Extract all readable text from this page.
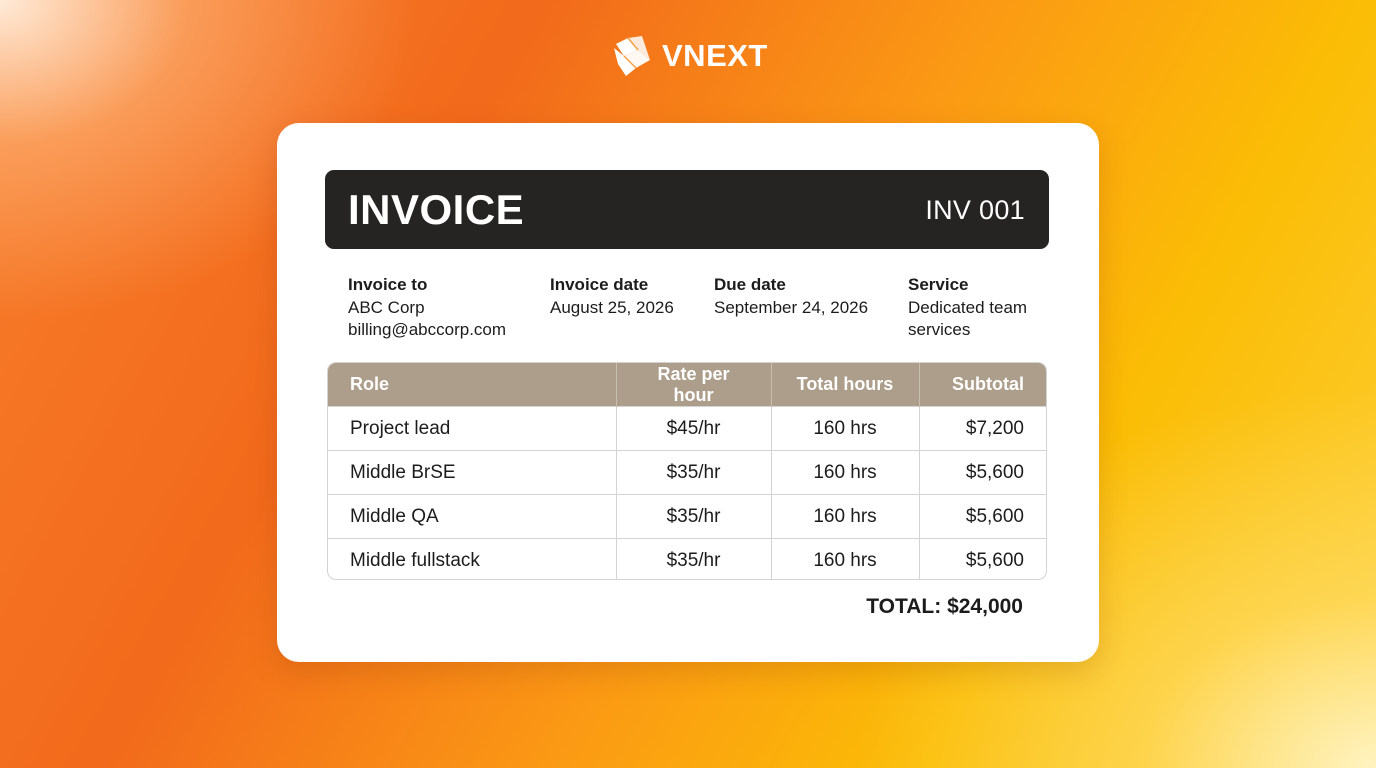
VNEXT
INVOICE	INV 001
Invoice to
ABC Corp
billing@abccorp.com
Invoice date
August 25, 2026
Due date
September 24, 2026
Service
Dedicated team
services
Role	Rate per hour	Total hours	Subtotal
Project lead	$45/hr	160 hrs	$7,200
Middle BrSE	$35/hr	160 hrs	$5,600
Middle QA	$35/hr	160 hrs	$5,600
Middle fullstack	$35/hr	160 hrs	$5,600
TOTAL: $24,000
